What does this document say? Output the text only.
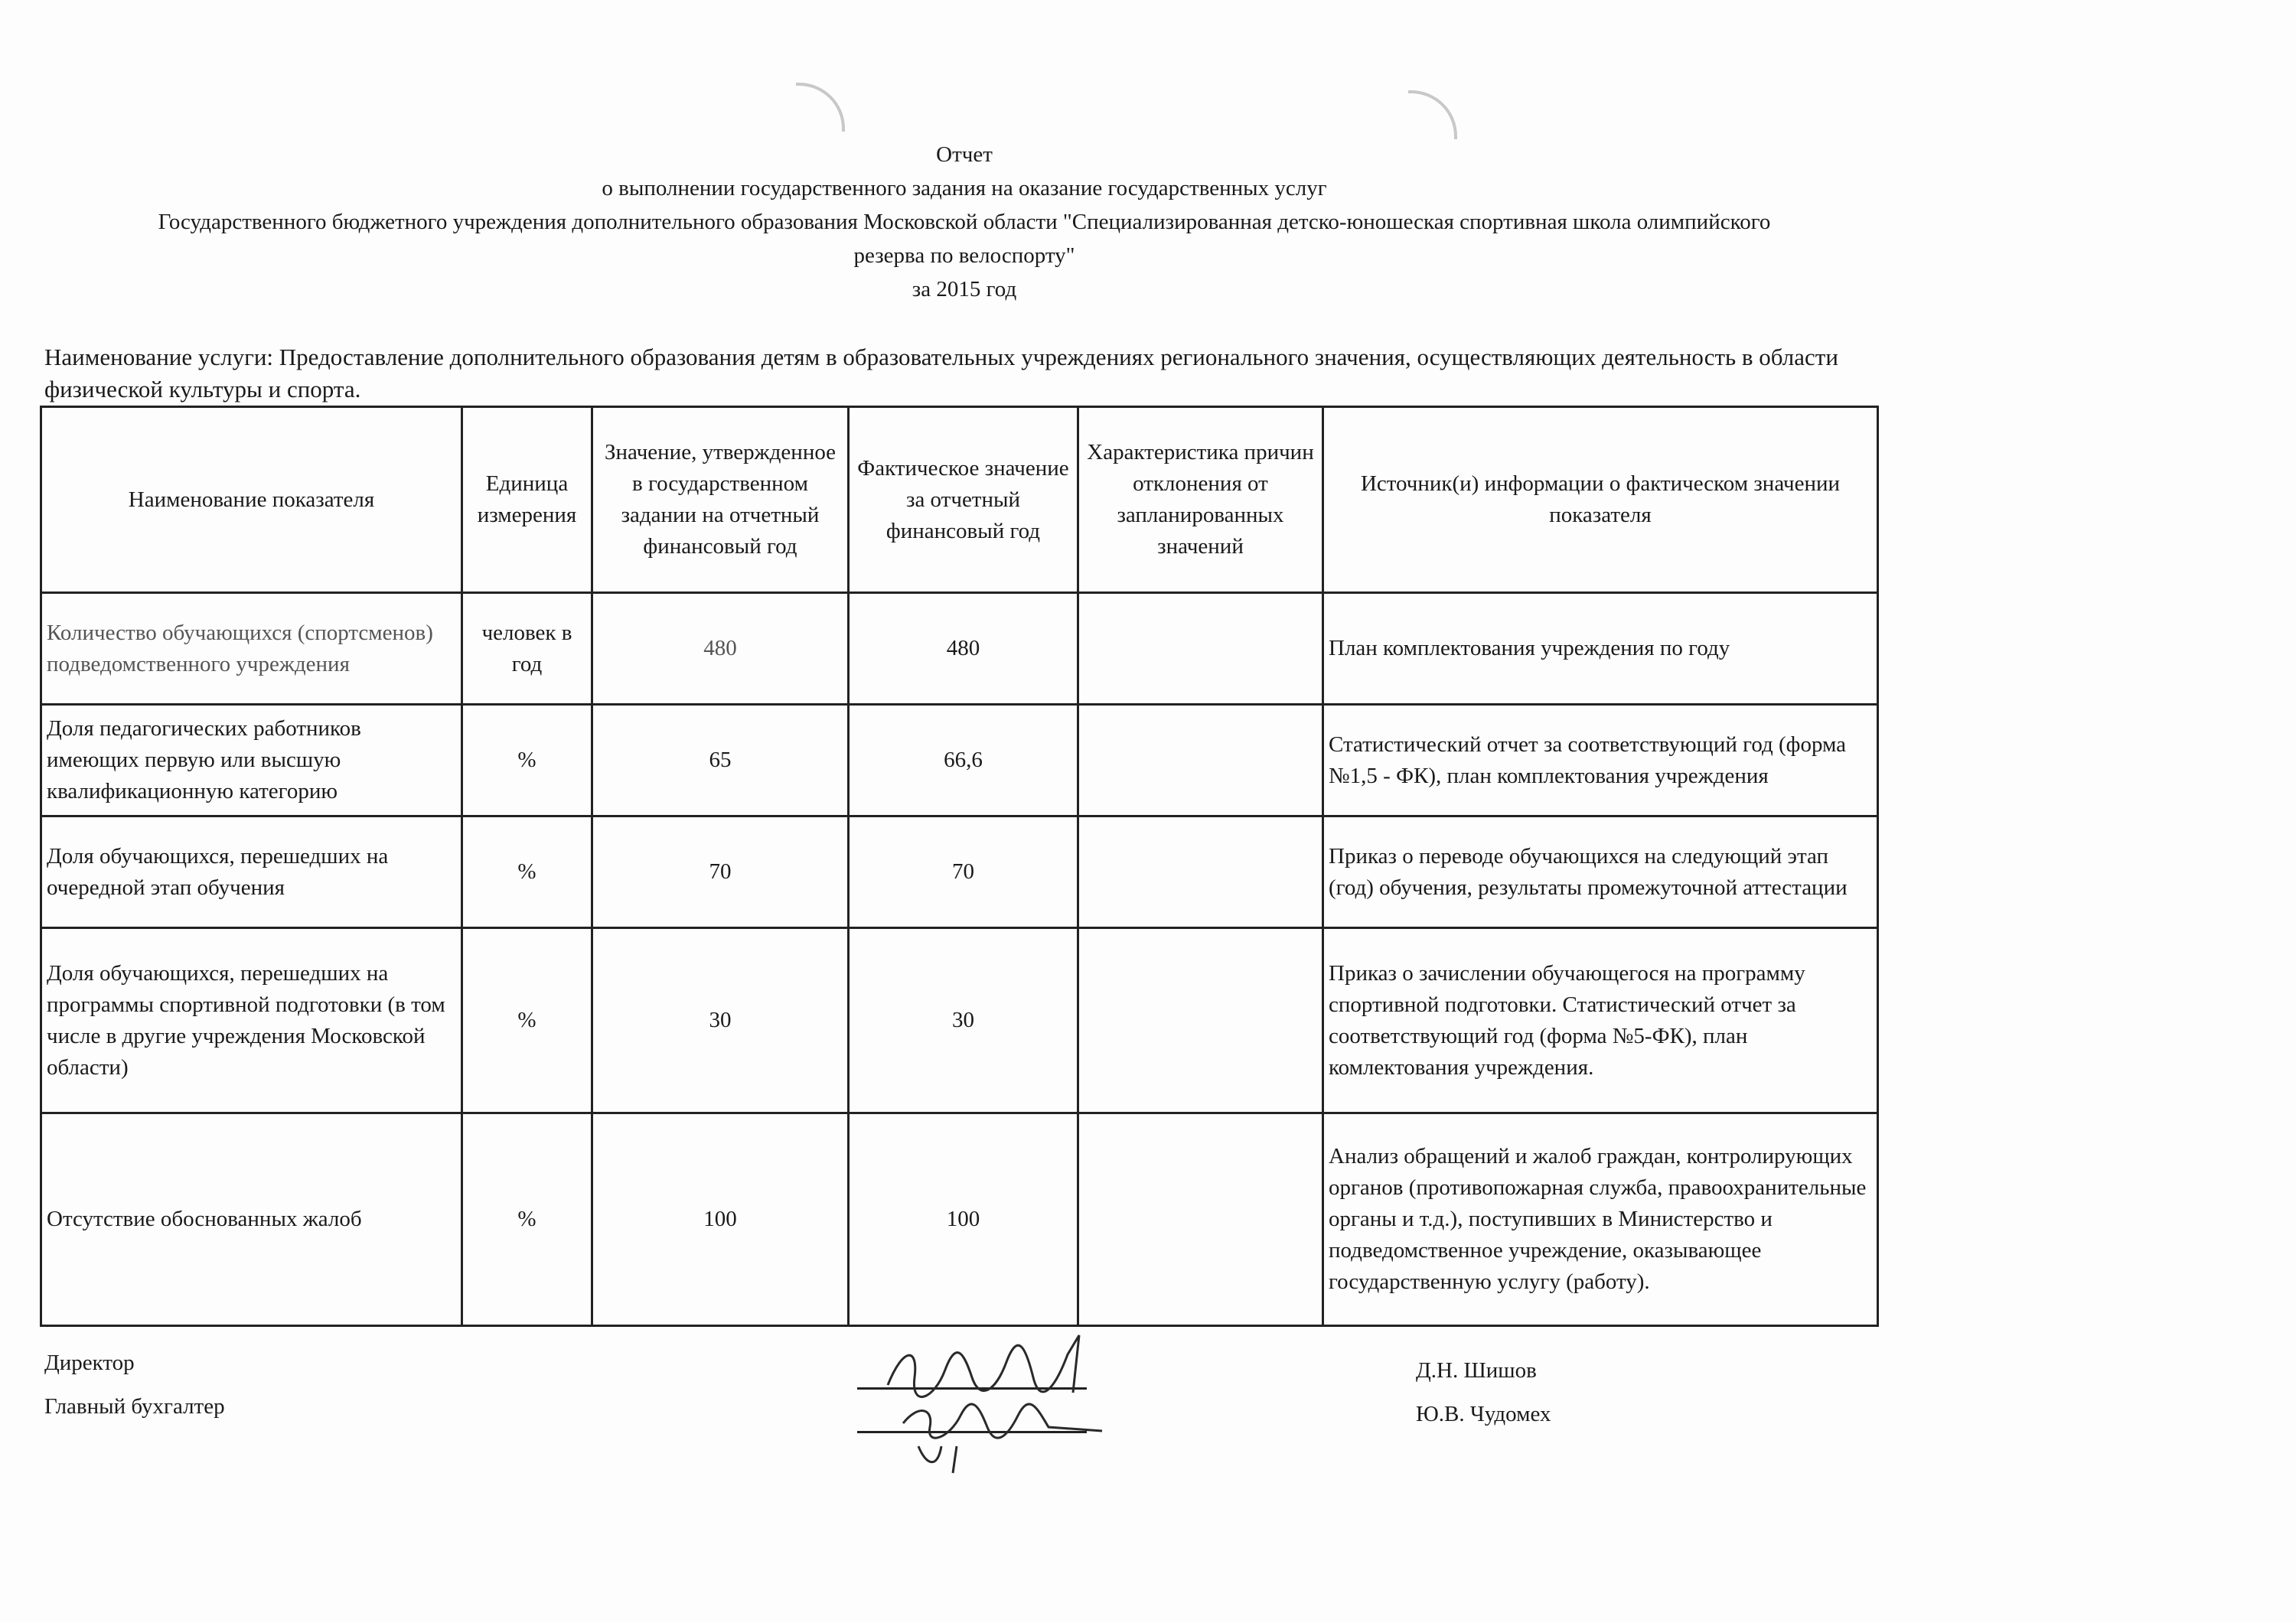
Отчет
о выполнении государственного задания на оказание государственных услуг
Государственного бюджетного учреждения дополнительного образования Московской области "Специализированная детско-юношеская спортивная школа олимпийского
резерва по велоспорту"
за 2015 год
Наименование услуги: Предоставление дополнительного образования детям в образовательных учреждениях регионального значения, осуществляющих деятельность в области физической культуры и спорта.
Наименование показателя	Единица измерения	Значение, утвержденное в государственном задании на отчетный финансовый год	Фактическое значение за отчетный финансовый год	Характеристика причин отклонения от запланированных значений	Источник(и) информации о фактическом значении показателя
Количество обучающихся (спортсменов) подведомственного учреждения	человек в год	480	480		План комплектования учреждения по году
Доля педагогических работников имеющих первую или высшую квалификационную категорию	%	65	66,6		Статистический отчет за соответствующий год (форма №1,5 - ФК), план комплектования учреждения
Доля обучающихся, перешедших на очередной этап обучения	%	70	70		Приказ о переводе обучающихся на следующий этап (год) обучения, результаты промежуточной аттестации
Доля обучающихся, перешедших на программы спортивной подготовки (в том числе в другие учреждения Московской области)	%	30	30		Приказ о зачислении обучающегося на программу спортивной подготовки. Статистический отчет за соответствующий год (форма №5-ФК), план комлектования учреждения.
Отсутствие обоснованных жалоб	%	100	100		Анализ обращений и жалоб граждан, контролирующих органов (противопожарная служба, правоохранительные органы и т.д.), поступивших в Министерство и подведомственное учреждение, оказывающее государственную услугу (работу).
Директор
Главный бухгалтер
Д.Н. Шишов
Ю.В. Чудомех
